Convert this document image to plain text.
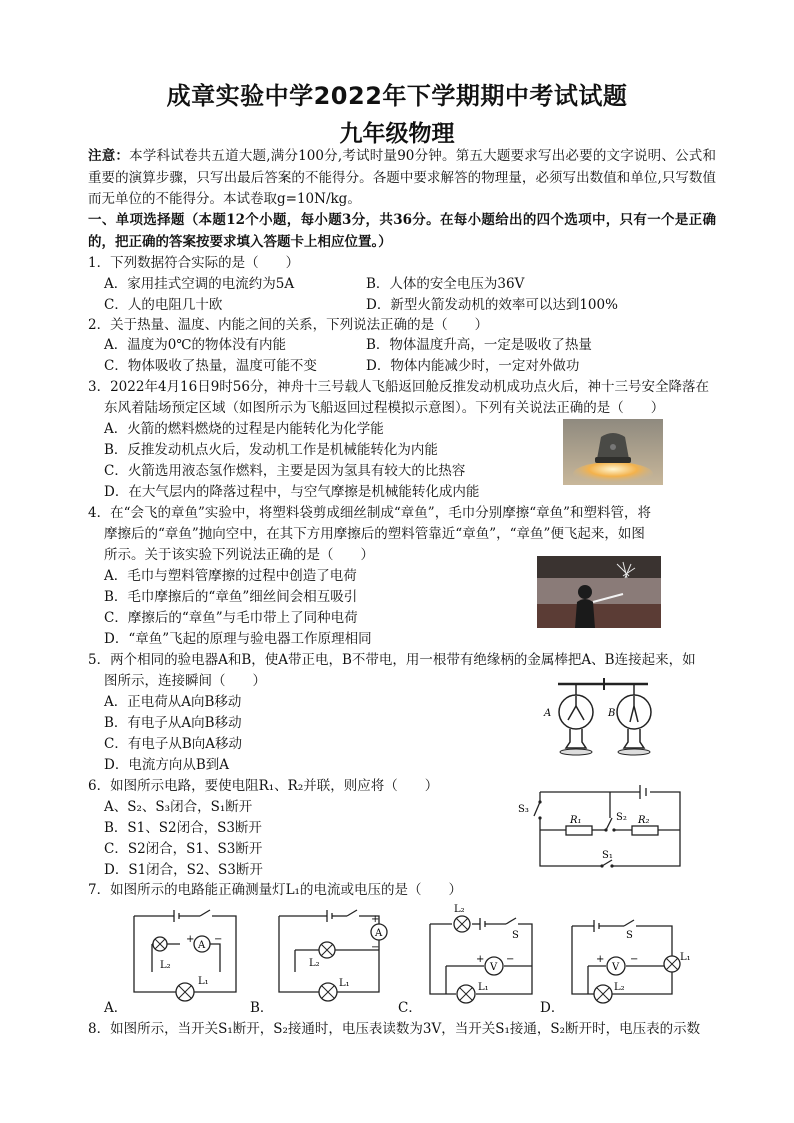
成章实验中学2022年下学期期中考试试题
九年级物理
注意：本学科试卷共五道大题,满分100分,考试时量90分钟。第五大题要求写出必要的文字说明、公式和重要的演算步骤，只写出最后答案的不能得分。各题中要求解答的物理量，必须写出数值和单位,只写数值而无单位的不能得分。本试卷取g=10N/kg。
一、单项选择题（本题12个小题，每小题3分，共36分。在每小题给出的四个选项中，只有一个是正确的，把正确的答案按要求填入答题卡上相应位置。）
1．下列数据符合实际的是（　　）
A．家用挂式空调的电流约为5A	B．人体的安全电压为36V
C．人的电阻几十欧	D．新型火箭发动机的效率可以达到100%
2．关于热量、温度、内能之间的关系，下列说法正确的是（　　）
A．温度为0℃的物体没有内能	B．物体温度升高，一定是吸收了热量
C．物体吸收了热量，温度可能不变	D．物体内能减少时，一定对外做功
3．2022年4月16日9时56分，神舟十三号载人飞船返回舱反推发动机成功点火后，神十三号安全降落在
东风着陆场预定区域（如图所示为飞船返回过程模拟示意图）。下列有关说法正确的是（　　）
A．火箭的燃料燃烧的过程是内能转化为化学能
B．反推发动机点火后，发动机工作是机械能转化为内能
C．火箭选用液态氢作燃料，主要是因为氢具有较大的比热容
D．在大气层内的降落过程中，与空气摩擦是机械能转化成内能
4．在“会飞的章鱼”实验中，将塑料袋剪成细丝制成“章鱼”，毛巾分别摩擦“章鱼”和塑料管，将
摩擦后的“章鱼”抛向空中，在其下方用摩擦后的塑料管靠近“章鱼”，“章鱼”便飞起来，如图
所示。关于该实验下列说法正确的是（　　）
A．毛巾与塑料管摩擦的过程中创造了电荷
B．毛巾摩擦后的“章鱼”细丝间会相互吸引
C．摩擦后的“章鱼”与毛巾带上了同种电荷
D．“章鱼”飞起的原理与验电器工作原理相同
5．两个相同的验电器A和B，使A带正电，B不带电，用一根带有绝缘柄的金属棒把A、B连接起来，如
图所示，连接瞬间（　　）
A．正电荷从A向B移动
B．有电子从A向B移动
C．有电子从B向A移动
D．电流方向从B到A
A	B
6．如图所示电路，要使电阻R₁、R₂并联，则应将（　　）
A、S₂、S₃闭合，S₁断开
B．S1、S2闭合，S3断开
C．S2闭合，S1、S3断开
D．S1闭合，S2、S3断开
S₃
R₁	S₂ R₂
S₁
7．如图所示的电路能正确测量灯L₁的电流或电压的是（　　）
A
+ −
L₂
L₁
A．
A
+
−
L₂
L₁
B．
V
+ −
L₂
S
L₁
C．
V
+	−	L₁
S
L₂
D．
8．如图所示，当开关S₁断开，S₂接通时，电压表读数为3V，当开关S₁接通，S₂断开时，电压表的示数
